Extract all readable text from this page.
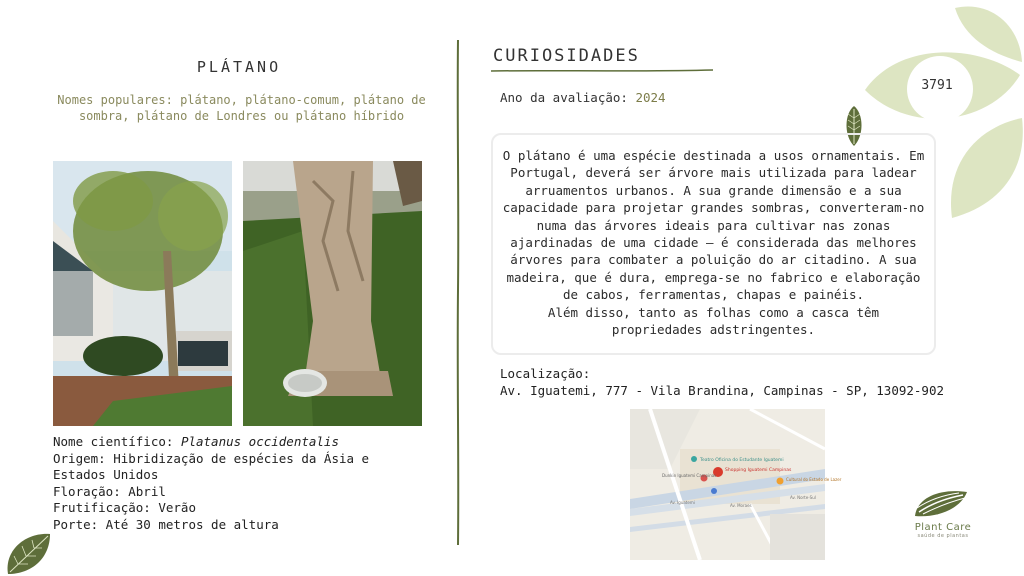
3791
PLÁTANO
Nomes populares: plátano, plátano-comum, plátano de sombra, plátano de Londres ou plátano híbrido
Nome científico: Platanus occidentalis
Origem: Hibridização de espécies da Ásia e Estados Unidos
Floração: Abril
Frutificação: Verão
Porte: Até 30 metros de altura
CURIOSIDADES
Ano da avaliação: 2024
O plátano é uma espécie destinada a usos ornamentais. Em Portugal, deverá ser árvore mais utilizada para ladear arruamentos urbanos. A sua grande dimensão e a sua capacidade para projetar grandes sombras, converteram-no numa das árvores ideais para cultivar nas zonas ajardinadas de uma cidade – é considerada das melhores árvores para combater a poluição do ar citadino. A sua madeira, que é dura, emprega-se no fabrico e elaboração de cabos, ferramentas, chapas e painéis.
Além disso, tanto as folhas como a casca têm propriedades adstringentes.
Localização:
Av. Iguatemi, 777 - Vila Brandina, Campinas - SP, 13092-902
Teatro Oficina do Estudante Iguatemi
Shopping Iguatemi Campinas
Dunkin Iguatemi Campinas
Cultural do Estado de Lazer
Av. Iguatemi
Av. Moraes
Av. Norte-Sul
Plant Care
saúde de plantas
